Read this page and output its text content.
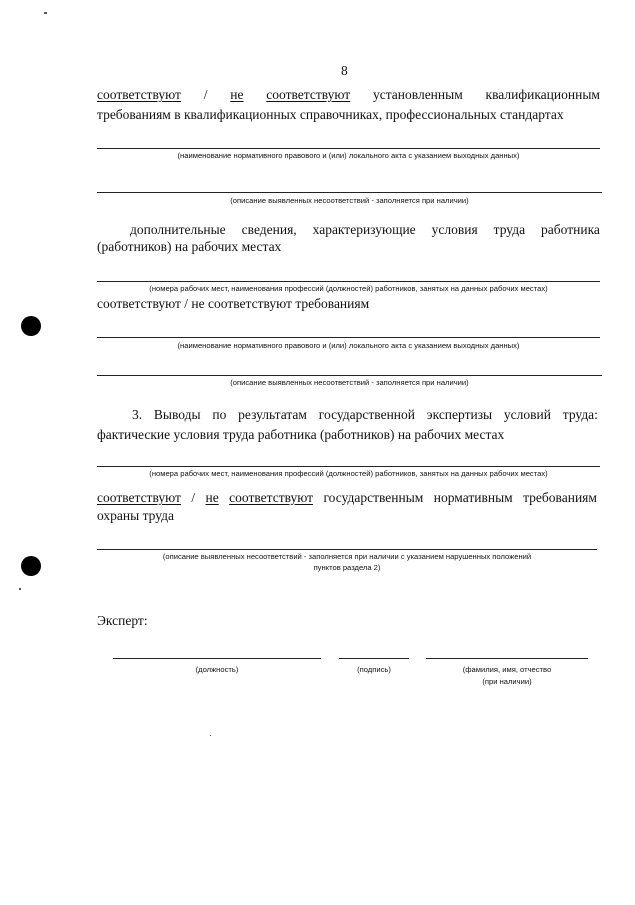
8
соответствуют / не соответствуют установленным квалификационным
требованиям в квалификационных справочниках, профессиональных стандартах
(наименование нормативного правового и (или) локального акта с указанием выходных данных)
(описание выявленных несоответствий - заполняется при наличии)
дополнительные сведения, характеризующие условия труда работника
(работников) на рабочих местах
(номера рабочих мест, наименования профессий (должностей) работников, занятых на данных рабочих местах)
соответствуют / не соответствуют требованиям
(наименование нормативного правового и (или) локального акта с указанием выходных данных)
(описание выявленных несоответствий - заполняется при наличии)
3. Выводы по результатам государственной экспертизы условий труда:
фактические условия труда работника (работников) на рабочих местах
(номера рабочих мест, наименования профессий (должностей) работников, занятых на данных рабочих местах)
соответствуют / не соответствуют государственным нормативным требованиям
охраны труда
(описание выявленных несоответствий - заполняется при наличии с указанием нарушенных положений
пунктов раздела 2)
Эксперт:
(должность)	(подпись)	(фамилия, имя, отчество
(при наличии)
